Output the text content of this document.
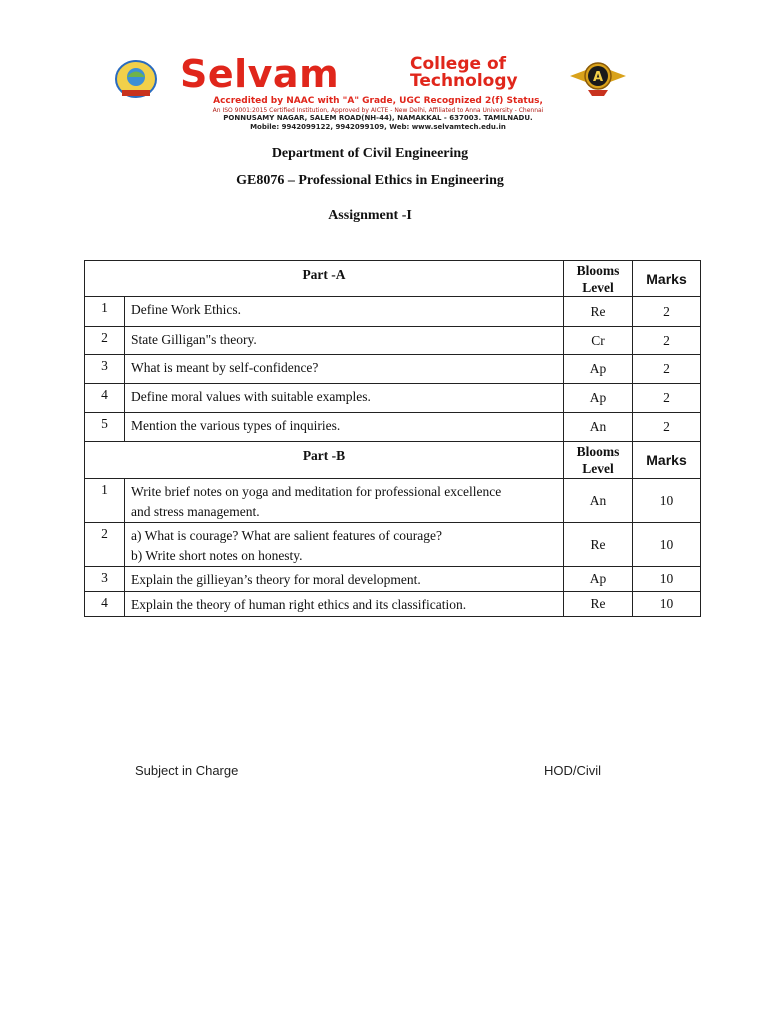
Selvam	College of
Technology	A
Accredited by NAAC with "A" Grade, UGC Recognized 2(f) Status,
An ISO 9001:2015 Certified Institution, Approved by AICTE - New Delhi, Affiliated to Anna University - Chennai
PONNUSAMY NAGAR, SALEM ROAD(NH-44), NAMAKKAL - 637003. TAMILNADU.
Mobile: 9942099122, 9942099109, Web: www.selvamtech.edu.in
Department of Civil Engineering
GE8076 – Professional Ethics in Engineering
Assignment -I
Part -A		Blooms
Level	Marks
1	Define Work Ethics.	Re	2
2	State Gilligan"s theory.	Cr	2
3	What is meant by self-confidence?	Ap	2
4	Define moral values with suitable examples.	Ap	2
5	Mention the various types of inquiries.	An	2
Part -B		Blooms
Level	Marks
1	Write brief notes on yoga and meditation for professional excellence
and stress management.	An	10
2	a) What is courage? What are salient features of courage?
b) Write short notes on honesty.	Re	10
3	Explain the gillieyan’s theory for moral development.	Ap	10
4	Explain the theory of human right ethics and its classification.	Re	10
Subject in Charge	HOD/Civil
